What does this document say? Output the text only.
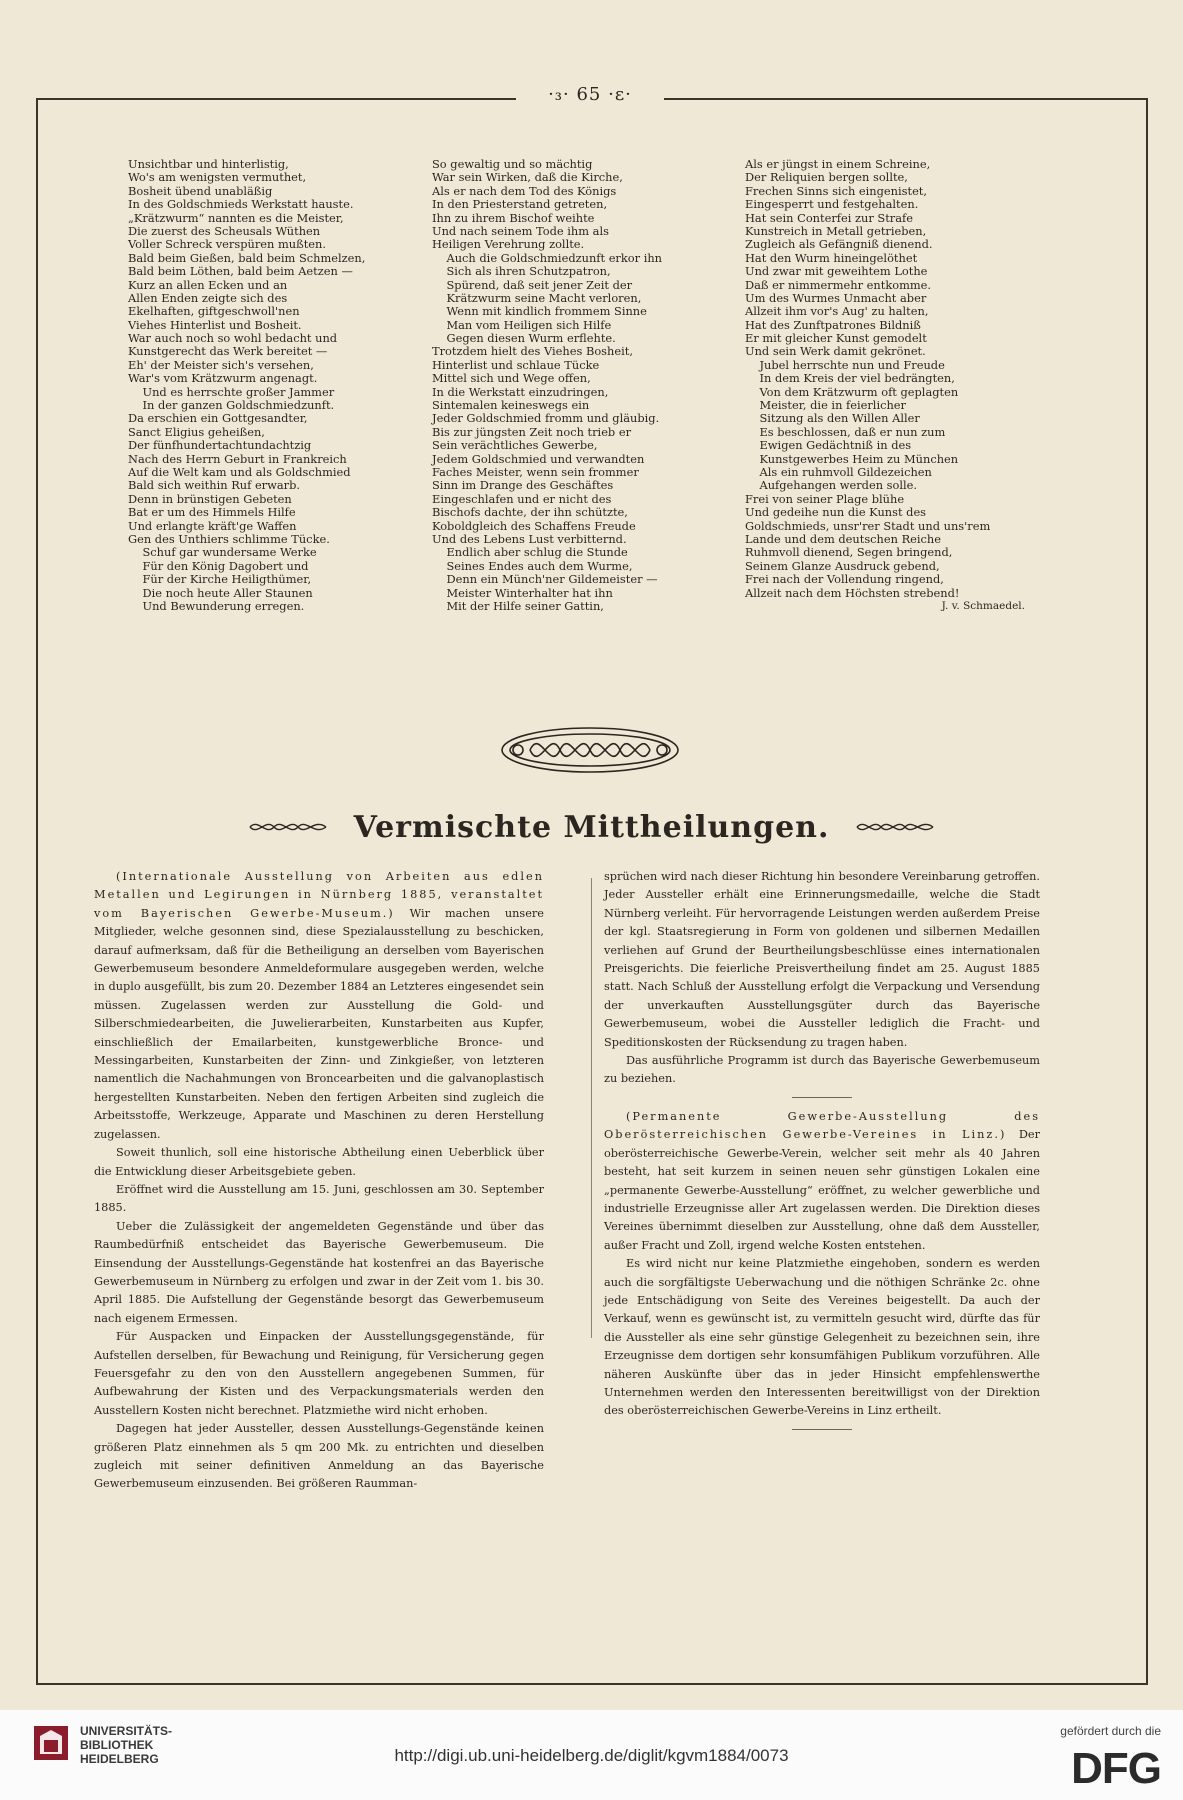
·₃· 65 ·ε·
Unsichtbar und hinterlistig,
Wo's am wenigsten vermuthet,
Bosheit übend unabläßig
In des Goldschmieds Werkstatt hauste.
„Krätzwurm“ nannten es die Meister,
Die zuerst des Scheusals Wüthen
Voller Schreck verspüren mußten.
Bald beim Gießen, bald beim Schmelzen,
Bald beim Löthen, bald beim Aetzen —
Kurz an allen Ecken und an
Allen Enden zeigte sich des
Ekelhaften, giftgeschwoll'nen
Viehes Hinterlist und Bosheit.
War auch noch so wohl bedacht und
Kunstgerecht das Werk bereitet —
Eh' der Meister sich's versehen,
War's vom Krätzwurm angenagt.
Und es herrschte großer Jammer
In der ganzen Goldschmiedzunft.
Da erschien ein Gottgesandter,
Sanct Eligius geheißen,
Der fünfhundertachtundachtzig
Nach des Herrn Geburt in Frankreich
Auf die Welt kam und als Goldschmied
Bald sich weithin Ruf erwarb.
Denn in brünstigen Gebeten
Bat er um des Himmels Hilfe
Und erlangte kräft'ge Waffen
Gen des Unthiers schlimme Tücke.
Schuf gar wundersame Werke
Für den König Dagobert und
Für der Kirche Heiligthümer,
Die noch heute Aller Staunen
Und Bewunderung erregen.
So gewaltig und so mächtig
War sein Wirken, daß die Kirche,
Als er nach dem Tod des Königs
In den Priesterstand getreten,
Ihn zu ihrem Bischof weihte
Und nach seinem Tode ihm als
Heiligen Verehrung zollte.
Auch die Goldschmiedzunft erkor ihn
Sich als ihren Schutzpatron,
Spürend, daß seit jener Zeit der
Krätzwurm seine Macht verloren,
Wenn mit kindlich frommem Sinne
Man vom Heiligen sich Hilfe
Gegen diesen Wurm erflehte.
Trotzdem hielt des Viehes Bosheit,
Hinterlist und schlaue Tücke
Mittel sich und Wege offen,
In die Werkstatt einzudringen,
Sintemalen keineswegs ein
Jeder Goldschmied fromm und gläubig.
Bis zur jüngsten Zeit noch trieb er
Sein verächtliches Gewerbe,
Jedem Goldschmied und verwandten
Faches Meister, wenn sein frommer
Sinn im Drange des Geschäftes
Eingeschlafen und er nicht des
Bischofs dachte, der ihn schützte,
Koboldgleich des Schaffens Freude
Und des Lebens Lust verbitternd.
Endlich aber schlug die Stunde
Seines Endes auch dem Wurme,
Denn ein Münch'ner Gildemeister —
Meister Winterhalter hat ihn
Mit der Hilfe seiner Gattin,
Als er jüngst in einem Schreine,
Der Reliquien bergen sollte,
Frechen Sinns sich eingenistet,
Eingesperrt und festgehalten.
Hat sein Conterfei zur Strafe
Kunstreich in Metall getrieben,
Zugleich als Gefängniß dienend.
Hat den Wurm hineingelöthet
Und zwar mit geweihtem Lothe
Daß er nimmermehr entkomme.
Um des Wurmes Unmacht aber
Allzeit ihm vor's Aug' zu halten,
Hat des Zunftpatrones Bildniß
Er mit gleicher Kunst gemodelt
Und sein Werk damit gekrönet.
Jubel herrschte nun und Freude
In dem Kreis der viel bedrängten,
Von dem Krätzwurm oft geplagten
Meister, die in feierlicher
Sitzung als den Willen Aller
Es beschlossen, daß er nun zum
Ewigen Gedächtniß in des
Kunstgewerbes Heim zu München
Als ein ruhmvoll Gildezeichen
Aufgehangen werden solle.
Frei von seiner Plage blühe
Und gedeihe nun die Kunst des
Goldschmieds, unsr'rer Stadt und uns'rem
Lande und dem deutschen Reiche
Ruhmvoll dienend, Segen bringend,
Seinem Glanze Ausdruck gebend,
Frei nach der Vollendung ringend,
Allzeit nach dem Höchsten strebend!
J. v. Schmaedel.
Vermischte Mittheilungen.

(Internationale Ausstellung von Arbeiten aus edlen Metallen und Legirungen in Nürnberg 1885, veranstaltet vom Bayerischen Gewerbe-Museum.) Wir machen unsere Mitglieder, welche gesonnen sind, diese Spezialausstellung zu beschicken, darauf aufmerksam, daß für die Betheiligung an derselben vom Bayerischen Gewerbemuseum besondere Anmeldeformulare ausgegeben werden, welche in duplo ausgefüllt, bis zum 20. Dezember 1884 an Letzteres eingesendet sein müssen. Zugelassen werden zur Ausstellung die Gold- und Silberschmiedearbeiten, die Juwelierarbeiten, Kunstarbeiten aus Kupfer, einschließlich der Emailarbeiten, kunstgewerbliche Bronce- und Messingarbeiten, Kunstarbeiten der Zinn- und Zinkgießer, von letzteren namentlich die Nachahmungen von Broncearbeiten und die galvanoplastisch hergestellten Kunstarbeiten. Neben den fertigen Arbeiten sind zugleich die Arbeitsstoffe, Werkzeuge, Apparate und Maschinen zu deren Herstellung zugelassen.

Soweit thunlich, soll eine historische Abtheilung einen Ueberblick über die Entwicklung dieser Arbeitsgebiete geben.

Eröffnet wird die Ausstellung am 15. Juni, geschlossen am 30. September 1885.

Ueber die Zulässigkeit der angemeldeten Gegenstände und über das Raumbedürfniß entscheidet das Bayerische Gewerbemuseum. Die Einsendung der Ausstellungs-Gegenstände hat kostenfrei an das Bayerische Gewerbemuseum in Nürnberg zu erfolgen und zwar in der Zeit vom 1. bis 30. April 1885. Die Aufstellung der Gegenstände besorgt das Gewerbemuseum nach eigenem Ermessen.

Für Auspacken und Einpacken der Ausstellungsgegenstände, für Aufstellen derselben, für Bewachung und Reinigung, für Versicherung gegen Feuersgefahr zu den von den Ausstellern angegebenen Summen, für Aufbewahrung der Kisten und des Verpackungsmaterials werden den Ausstellern Kosten nicht berechnet. Platzmiethe wird nicht erhoben.

Dagegen hat jeder Aussteller, dessen Ausstellungs-Gegenstände keinen größeren Platz einnehmen als 5 qm 200 Mk. zu entrichten und dieselben zugleich mit seiner definitiven Anmeldung an das Bayerische Gewerbemuseum einzusenden. Bei größeren Raumman-

sprüchen wird nach dieser Richtung hin besondere Vereinbarung getroffen. Jeder Aussteller erhält eine Erinnerungsmedaille, welche die Stadt Nürnberg verleiht. Für hervorragende Leistungen werden außerdem Preise der kgl. Staatsregierung in Form von goldenen und silbernen Medaillen verliehen auf Grund der Beurtheilungsbeschlüsse eines internationalen Preisgerichts. Die feierliche Preisvertheilung findet am 25. August 1885 statt. Nach Schluß der Ausstellung erfolgt die Verpackung und Versendung der unverkauften Ausstellungsgüter durch das Bayerische Gewerbemuseum, wobei die Aussteller lediglich die Fracht- und Speditionskosten der Rücksendung zu tragen haben.

Das ausführliche Programm ist durch das Bayerische Gewerbemuseum zu beziehen.

(Permanente Gewerbe-Ausstellung des Oberösterreichischen Gewerbe-Vereines in Linz.) Der oberösterreichische Gewerbe-Verein, welcher seit mehr als 40 Jahren besteht, hat seit kurzem in seinen neuen sehr günstigen Lokalen eine „permanente Gewerbe-Ausstellung“ eröffnet, zu welcher gewerbliche und industrielle Erzeugnisse aller Art zugelassen werden. Die Direktion dieses Vereines übernimmt dieselben zur Ausstellung, ohne daß dem Aussteller, außer Fracht und Zoll, irgend welche Kosten entstehen.

Es wird nicht nur keine Platzmiethe eingehoben, sondern es werden auch die sorgfältigste Ueberwachung und die nöthigen Schränke 2c. ohne jede Entschädigung von Seite des Vereines beigestellt. Da auch der Verkauf, wenn es gewünscht ist, zu vermitteln gesucht wird, dürfte das für die Aussteller als eine sehr günstige Gelegenheit zu bezeichnen sein, ihre Erzeugnisse dem dortigen sehr konsumfähigen Publikum vorzuführen. Alle näheren Auskünfte über das in jeder Hinsicht empfehlenswerthe Unternehmen werden den Interessenten bereitwilligst von der Direktion des oberösterreichischen Gewerbe-Vereins in Linz ertheilt.

UNIVERSITÄTS-
BIBLIOTHEK
HEIDELBERG	http://digi.ub.uni-heidelberg.de/diglit/kgvm1884/0073
gefördert durch die
DFG
